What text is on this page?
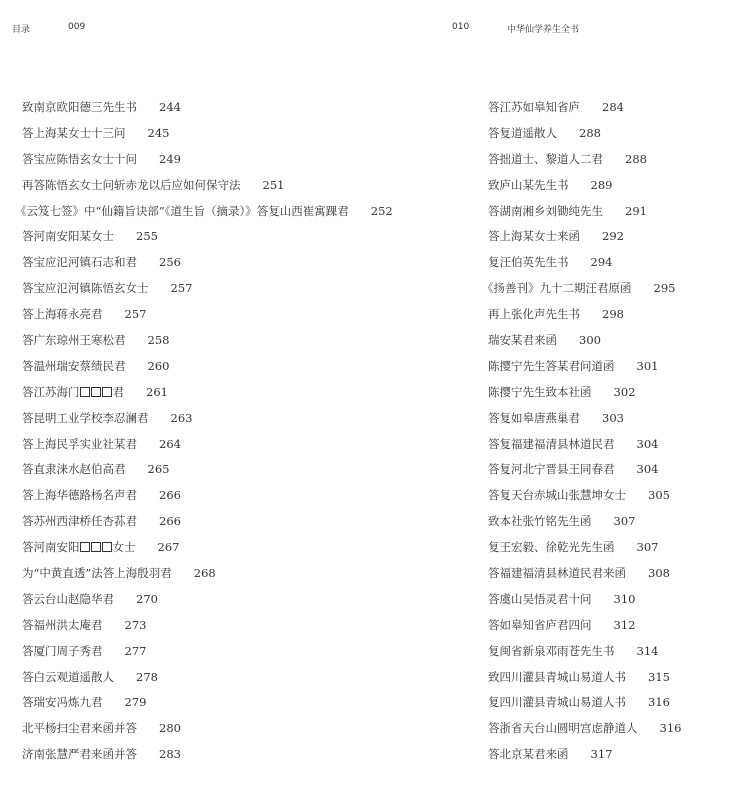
目录	009	010	中华仙学养生全书
致南京欧阳德三先生书 244
答上海某女士十三问 245
答宝应陈悟玄女士十问 249
再答陈悟玄女士问斩赤龙以后应如何保守法 251
《云笈七签》中“仙籍旨诀部”《道生旨（摘录）》答复山西崔寓踝君 252
答河南安阳某女士 255
答宝应氾河镇石志和君 256
答宝应氾河镇陈悟玄女士 257
答上海蒋永亮君 257
答广东琼州王寒松君 258
答温州瑞安蔡绩民君 260
答江苏海门	君 261
答昆明工业学校李忍澜君 263
答上海民孚实业社某君 264
答直隶涞水赵伯高君 265
答上海华德路杨名声君 266
答苏州西津桥任杏荪君 266
答河南安阳	女士 267
为“中黄直透”法答上海殷羽君 268
答云台山赵隐华君 270
答福州洪太庵君 273
答厦门周子秀君 277
答白云观道遥散人 278
答瑞安冯炼九君 279
北平杨扫尘君来函并答 280
济南张慧严君来函并答 283
答江苏如皋知省庐 284
答复道遥散人 288
答拙道士、黎道人二君 288
致庐山某先生书 289
答湖南湘乡刘锄纯先生 291
答上海某女士来函 292
复汪伯英先生书 294
《扬善刊》九十二期汪君原函 295
再上张化声先生书 298
瑞安某君来函 300
陈撄宁先生答某君问道函 301
陈撄宁先生致本社函 302
答复如皋唐燕巢君 303
答复福建福清县林道民君 304
答复河北宁晋县王同春君 304
答复天台赤城山张慧坤女士 305
致本社张竹铭先生函 307
复王宏毅、徐乾光先生函 307
答福建福清县林道民君来函 308
答虞山吴悟灵君十问 310
答如皋知省庐君四问 312
复闽省新泉邓雨苍先生书 314
致四川灌县青城山易道人书 315
复四川灌县青城山易道人书 316
答浙省天台山圆明宫虑静道人 316
答北京某君来函 317
